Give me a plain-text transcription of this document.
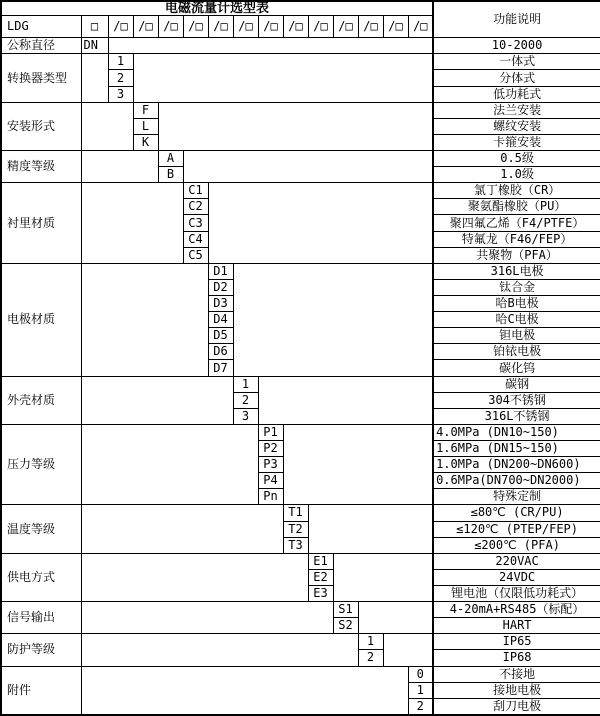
电磁流量计选型表															功能说明
LDG	□	/□	/□	/□	/□	/□	/□	/□	/□	/□	/□	/□	/□	/□	
公称直径	DN														10-2000
转换器类型		1													一体式
		2													分体式
		3													低功耗式
安装形式			F												法兰安装
			L												螺纹安装
			K												卡箍安装
精度等级				A											0.5级
				B											1.0级
衬里材质					C1										氯丁橡胶（CR）
					C2										聚氨酯橡胶（PU）
					C3										聚四氟乙烯（F4/PTFE）
					C4										特氟龙（F46/FEP）
					C5										共聚物（PFA）
电极材质						D1									316L电极
						D2									钛合金
						D3									哈B电极
						D4									哈C电极
						D5									钽电极
						D6									铂铱电极
						D7									碳化钨
外壳材质							1								碳钢
							2								304不锈钢
							3								316L不锈钢
压力等级								P1							4.0MPa (DN10~150)
								P2							1.6MPa (DN15~150)
								P3							1.0MPa (DN200~DN600)
								P4							0.6MPa(DN700~DN2000)
								Pn							特殊定制
温度等级									T1						≤80℃ (CR/PU)
									T2						≤120℃ (PTEP/FEP)
									T3						≤200℃ (PFA)
供电方式										E1					220VAC
										E2					24VDC
										E3					锂电池（仅限低功耗式）
信号输出											S1				4-20mA+RS485（标配）
											S2				HART
防护等级												1			IP65
												2			IP68
附件														0	不接地
														1	接地电极
														2	刮刀电极
